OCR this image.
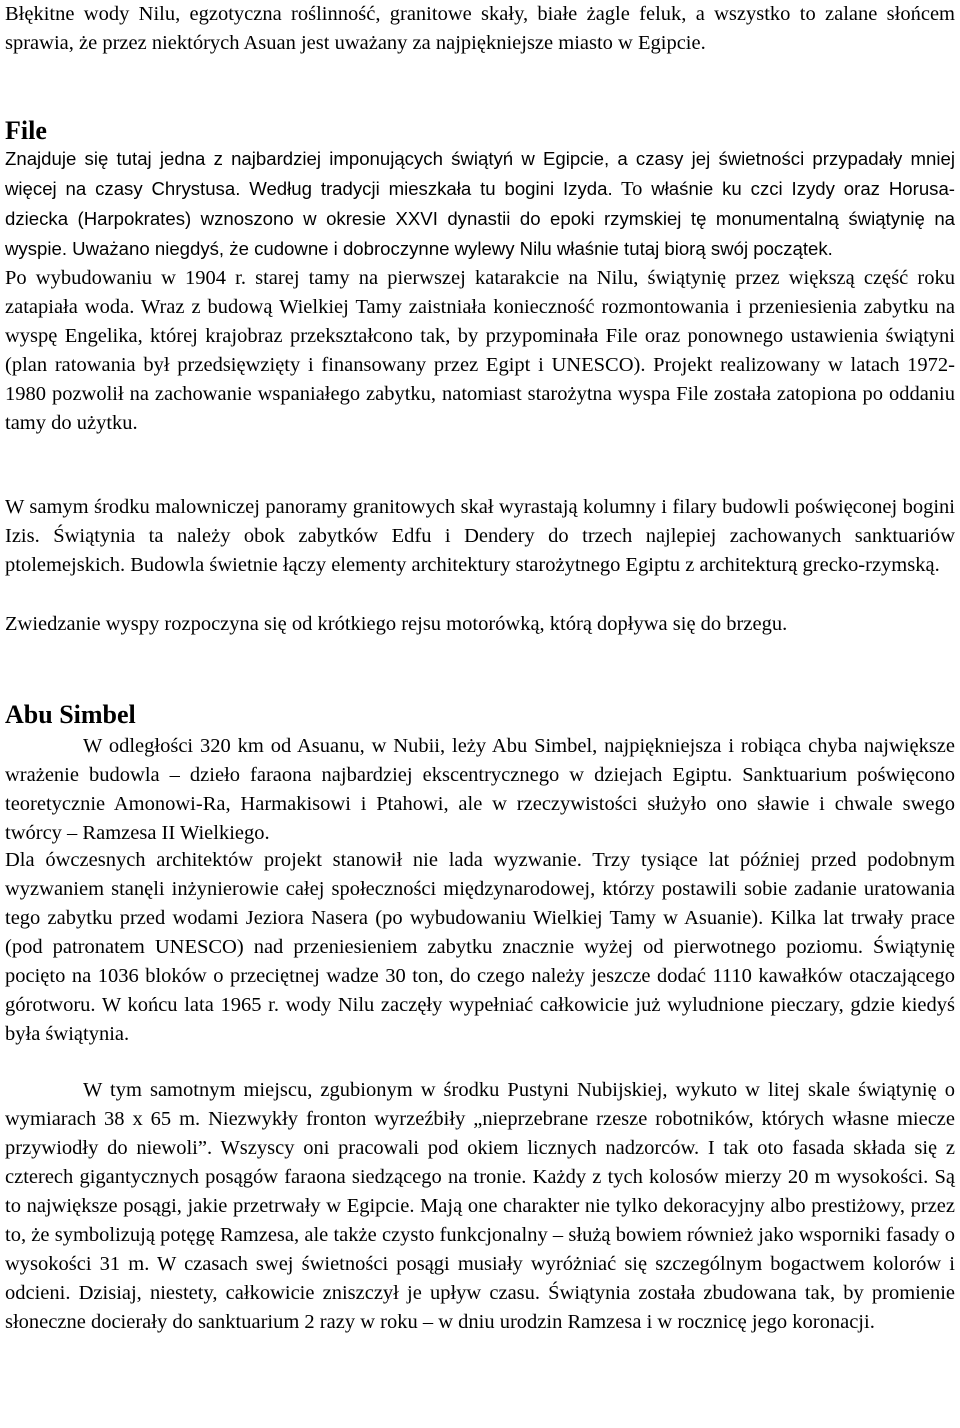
Błękitne wody Nilu, egzotyczna roślinność, granitowe skały, białe żagle feluk, a wszystko to zalane słońcem sprawia, że przez niektórych Asuan jest uważany za najpiękniejsze miasto w Egipcie.

File

Znajduje się tutaj jedna z najbardziej imponujących świątyń w Egipcie, a czasy jej świetności przypadały mniej więcej na czasy Chrystusa. Według tradycji mieszkała tu bogini Izyda. To właśnie ku czci Izydy oraz Horusa-dziecka (Harpokrates) wznoszono w okresie XXVI dynastii do epoki rzymskiej tę monumentalną świątynię na wyspie. Uważano niegdyś, że cudowne i dobroczynne wylewy Nilu właśnie tutaj biorą swój początek.
Po wybudowaniu w 1904 r. starej tamy na pierwszej katarakcie na Nilu, świątynię przez większą część roku zatapiała woda. Wraz z budową Wielkiej Tamy zaistniała konieczność rozmontowania i przeniesienia zabytku na wyspę Engelika, której krajobraz przekształcono tak, by przypominała File oraz ponownego ustawienia świątyni (plan ratowania był przedsięwzięty i finansowany przez Egipt i UNESCO). Projekt realizowany w latach 1972-1980 pozwolił na zachowanie wspaniałego zabytku, natomiast starożytna wyspa File została zatopiona po oddaniu tamy do użytku.

W samym środku malowniczej panoramy granitowych skał wyrastają kolumny i filary budowli poświęconej bogini Izis. Świątynia ta należy obok zabytków Edfu i Dendery do trzech najlepiej zachowanych sanktuariów ptolemejskich. Budowla świetnie łączy elementy architektury starożytnego Egiptu z architekturą grecko-rzymską.

Zwiedzanie wyspy rozpoczyna się od krótkiego rejsu motorówką, którą dopływa się do brzegu.

Abu Simbel

W odległości 320 km od Asuanu, w Nubii, leży Abu Simbel, najpiękniejsza i robiąca chyba największe wrażenie budowla – dzieło faraona najbardziej ekscentrycznego w dziejach Egiptu. Sanktuarium poświęcono teoretycznie Amonowi-Ra, Harmakisowi i Ptahowi, ale w rzeczywistości służyło ono sławie i chwale swego twórcy – Ramzesa II Wielkiego.

Dla ówczesnych architektów projekt stanowił nie lada wyzwanie. Trzy tysiące lat później przed podobnym wyzwaniem stanęli inżynierowie całej społeczności międzynarodowej, którzy postawili sobie zadanie uratowania tego zabytku przed wodami Jeziora Nasera (po wybudowaniu Wielkiej Tamy w Asuanie). Kilka lat trwały prace (pod patronatem UNESCO) nad przeniesieniem zabytku znacznie wyżej od pierwotnego poziomu. Świątynię pocięto na 1036 bloków o przeciętnej wadze 30 ton, do czego należy jeszcze dodać 1110 kawałków otaczającego górotworu. W końcu lata 1965 r. wody Nilu zaczęły wypełniać całkowicie już wyludnione pieczary, gdzie kiedyś była świątynia.

W tym samotnym miejscu, zgubionym w środku Pustyni Nubijskiej, wykuto w litej skale świątynię o wymiarach 38 x 65 m. Niezwykły fronton wyrzeźbiły „nieprzebrane rzesze robotników, których własne miecze przywiodły do niewoli”. Wszyscy oni pracowali pod okiem licznych nadzorców. I tak oto fasada składa się z czterech gigantycznych posągów faraona siedzącego na tronie. Każdy z tych kolosów mierzy 20 m wysokości. Są to największe posągi, jakie przetrwały w Egipcie. Mają one charakter nie tylko dekoracyjny albo prestiżowy, przez to, że symbolizują potęgę Ramzesa, ale także czysto funkcjonalny – służą bowiem również jako wsporniki fasady o wysokości 31 m. W czasach swej świetności posągi musiały wyróżniać się szczególnym bogactwem kolorów i odcieni. Dzisiaj, niestety, całkowicie zniszczył je upływ czasu. Świątynia została zbudowana tak, by promienie słoneczne docierały do sanktuarium 2 razy w roku – w dniu urodzin Ramzesa i w rocznicę jego koronacji.
